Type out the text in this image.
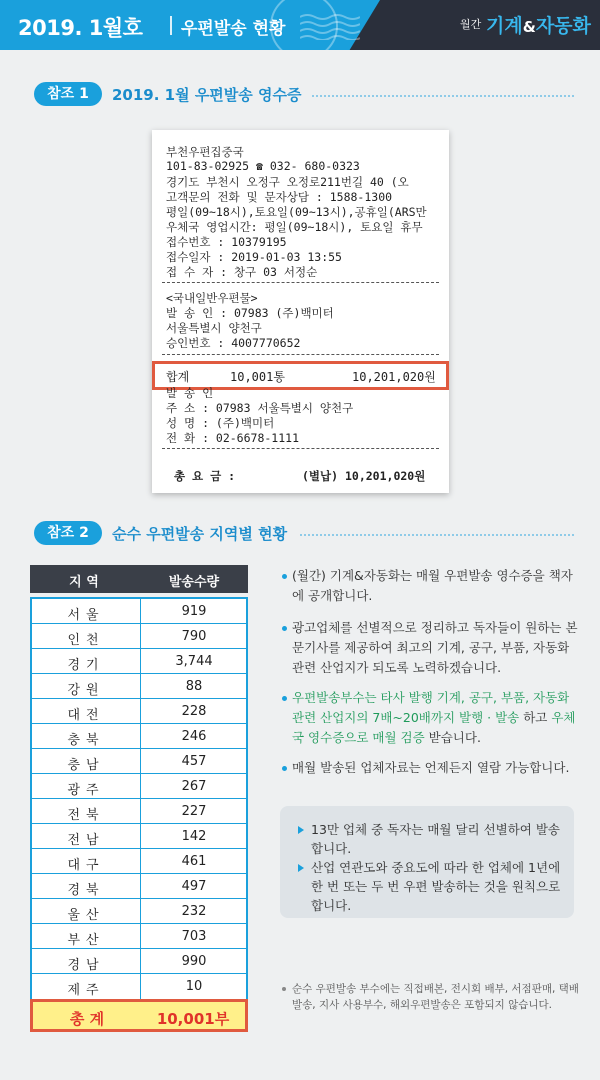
2019. 1월호 우편발송 현황	월간 기계&자동화
참조 1	2019. 1월 우편발송 영수증
부천우편집중국
101-83-02925 ☎ 032- 680-0323
경기도 부천시 오정구 오정로211번길 40 (오
고객문의 전화 및 문자상담 : 1588-1300
평일(09~18시),토요일(09~13시),공휴일(ARS만
우체국 영업시간: 평일(09~18시), 토요일 휴무
접수번호 : 10379195
접수일자 : 2019-01-03 13:55
접 수 자 : 창구 03 서정순
<국내일반우편물>
발 송 인 : 07983 (주)백미터
서울특별시 양천구
승인번호 : 4007770652
합계	10,001통	10,201,020원
발 송 인
주 소 : 07983 서울특별시 양천구
성 명 : (주)백미터
전 화 : 02-6678-1111
총 요 금 :	(별납) 10,201,020원
참조 2	순수 우편발송 지역별 현황
지 역	발송수량
서울	919
인천	790
경기	3,744
강원	88
대전	228
충북	246
충남	457
광주	267
전북	227
전남	142
대구	461
경북	497
울산	232
부산	703
경남	990
제주	10
총 계	10,001부
(월간) 기계&자동화는 매월 우편발송 영수증을 책자에 공개합니다.
광고업체를 선별적으로 정리하고 독자들이 원하는 본문기사를 제공하여 최고의 기계, 공구, 부품, 자동화 관련 산업지가 되도록 노력하겠습니다.
우편발송부수는 타사 발행 기계, 공구, 부품, 자동화 관련 산업지의 7배~20배까지 발행 · 발송 하고 우체국 영수증으로 매월 검증 받습니다.
매월 발송된 업체자료는 언제든지 열람 가능합니다.
13만 업체 중 독자는 매월 달리 선별하여 발송합니다.
산업 연관도와 중요도에 따라 한 업체에 1년에 한 번 또는 두 번 우편 발송하는 것을 원칙으로 합니다.
순수 우편발송 부수에는 직접배본, 전시회 배부, 서점판매, 택배발송, 지사 사용부수, 해외우편발송은 포함되지 않습니다.
